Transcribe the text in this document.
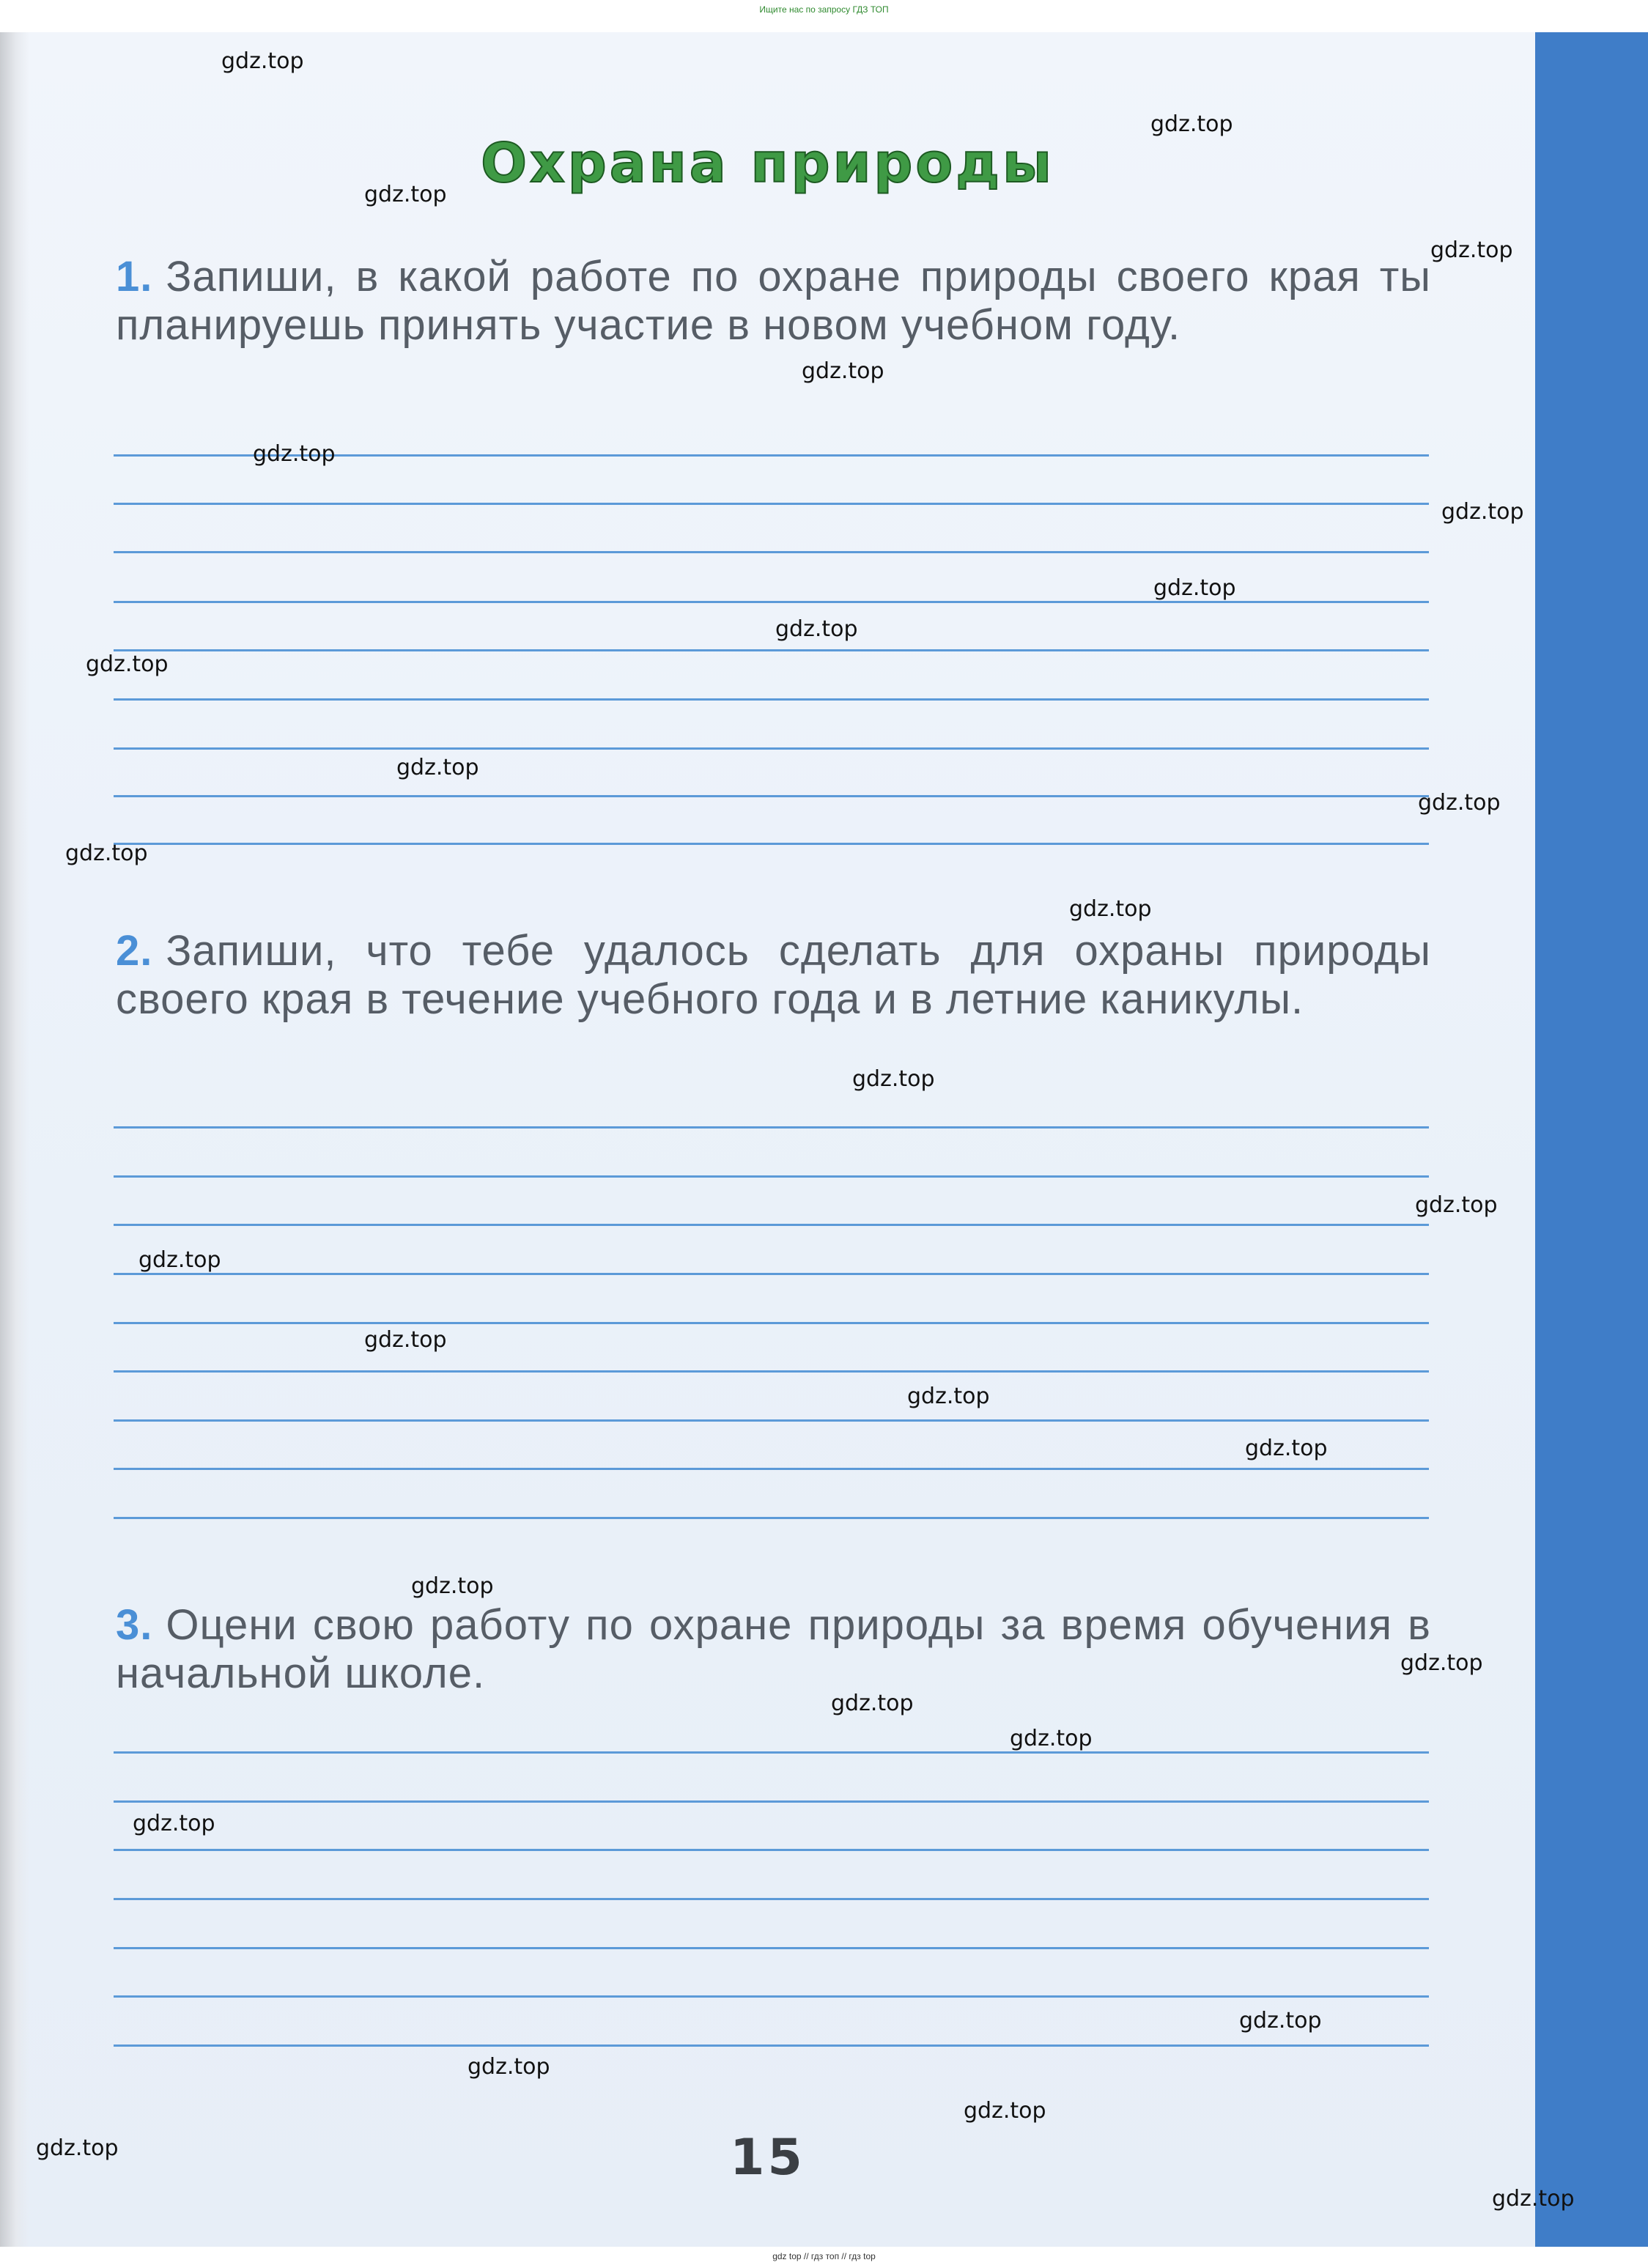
Ищите нас по запросу ГДЗ ТОП
Охрана природы
1. Запиши, в какой работе по охране природы своего края ты планируешь принять участие в новом учебном году.
2. Запиши, что тебе удалось сделать для охраны природы своего края в течение учебного года и в летние каникулы.
3. Оцени свою работу по охране природы за время обучения в начальной школе.
15
gdz.top
gdz.top
gdz.top
gdz.top
gdz.top
gdz.top
gdz.top
gdz.top
gdz.top
gdz.top
gdz.top
gdz.top
gdz.top
gdz.top
gdz.top
gdz.top
gdz.top
gdz.top
gdz.top
gdz.top
gdz.top
gdz.top
gdz.top
gdz.top
gdz.top
gdz.top
gdz.top
gdz.top
gdz.top
gdz.top
gdz top // гдз топ // гдз top
